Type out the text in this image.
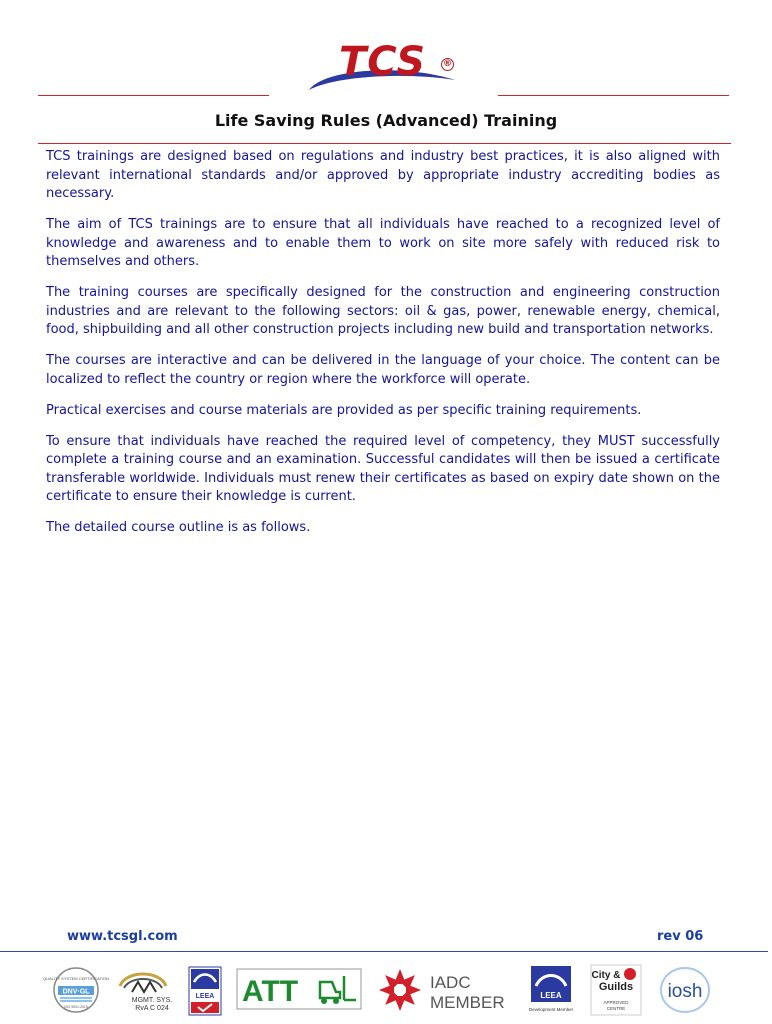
TCS ®
Life Saving Rules (Advanced) Training

TCS trainings are designed based on regulations and industry best practices, it is also aligned with relevant international standards and/or approved by appropriate industry accrediting bodies as necessary.

The aim of TCS trainings are to ensure that all individuals have reached to a recognized level of knowledge and awareness and to enable them to work on site more safely with reduced risk to themselves and others.

The training courses are specifically designed for the construction and engineering construction industries and are relevant to the following sectors: oil & gas, power, renewable energy, chemical, food, shipbuilding and all other construction projects including new build and transportation networks.

The courses are interactive and can be delivered in the language of your choice. The content can be localized to reflect the country or region where the workforce will operate.

Practical exercises and course materials are provided as per specific training requirements.

To ensure that individuals have reached the required level of competency, they MUST successfully complete a training course and an examination. Successful candidates will then be issued a certificate transferable worldwide. Individuals must renew their certificates as based on expiry date shown on the certificate to ensure their knowledge is current.

The detailed course outline is as follows.

www.tcsgl.com	rev 06
QUALITY SYSTEM CERTIFICATION
DNV·GL
ISO 9001:2015
MGMT. SYS.
RvA C 024
LEEA ATT	IADC
MEMBER	LEEA
Development Member
City &
Guilds
APPROVED
CENTRE
iosh
